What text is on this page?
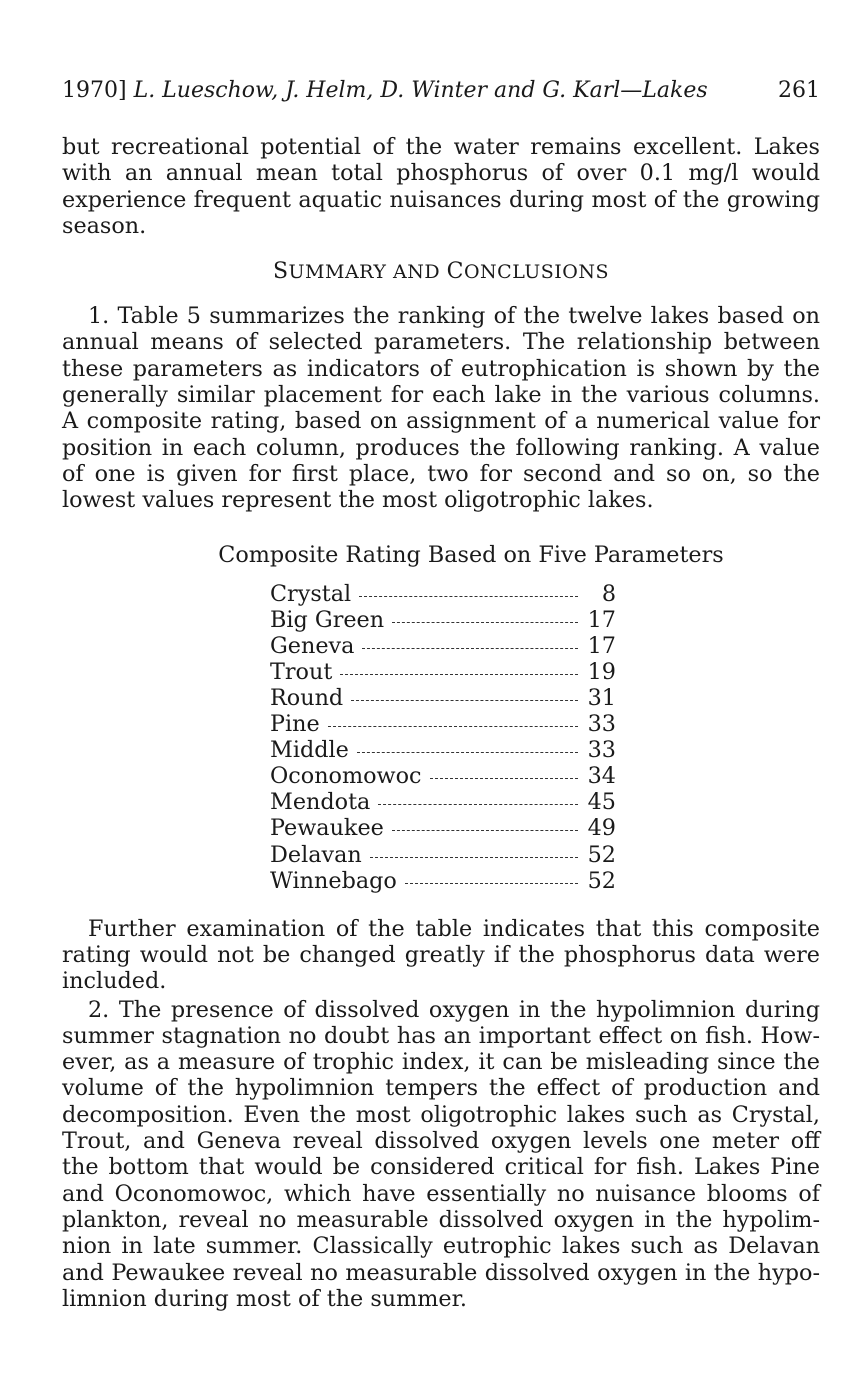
1970] L. Lueschow, J. Helm, D. Winter and G. Karl—Lakes	261

but recreational potential of the water remains excellent. Lakes with an annual mean total phosphorus of over 0.1 mg/l would experience frequent aquatic nuisances during most of the growing season.

SUMMARY AND CONCLUSIONS

1. Table 5 summarizes the ranking of the twelve lakes based on annual means of selected parameters. The relationship between these parameters as indicators of eutrophication is shown by the generally similar placement for each lake in the various columns. A composite rating, based on assignment of a numerical value for position in each column, produces the following ranking. A value of one is given for first place, two for second and so on, so the lowest values represent the most oligotrophic lakes.

Composite Rating Based on Five Parameters
Crystal	8
Big Green	17
Geneva	17
Trout	19
Round	31
Pine	33
Middle	33
Oconomowoc	34
Mendota	45
Pewaukee	49
Delavan	52
Winnebago	52

Further examination of the table indicates that this composite rating would not be changed greatly if the phosphorus data were included.

2. The presence of dissolved oxygen in the hypolimnion during summer stagnation no doubt has an important effect on fish. However, as a measure of trophic index, it can be misleading since the volume of the hypolimnion tempers the effect of production and decomposition. Even the most oligotrophic lakes such as Crystal, Trout, and Geneva reveal dissolved oxygen levels one meter off the bottom that would be considered critical for fish. Lakes Pine and Oconomowoc, which have essentially no nuisance blooms of plankton, reveal no measurable dissolved oxygen in the hypolimnion in late summer. Classically eutrophic lakes such as Delavan and Pewaukee reveal no measurable dissolved oxygen in the hypolimnion during most of the summer.
